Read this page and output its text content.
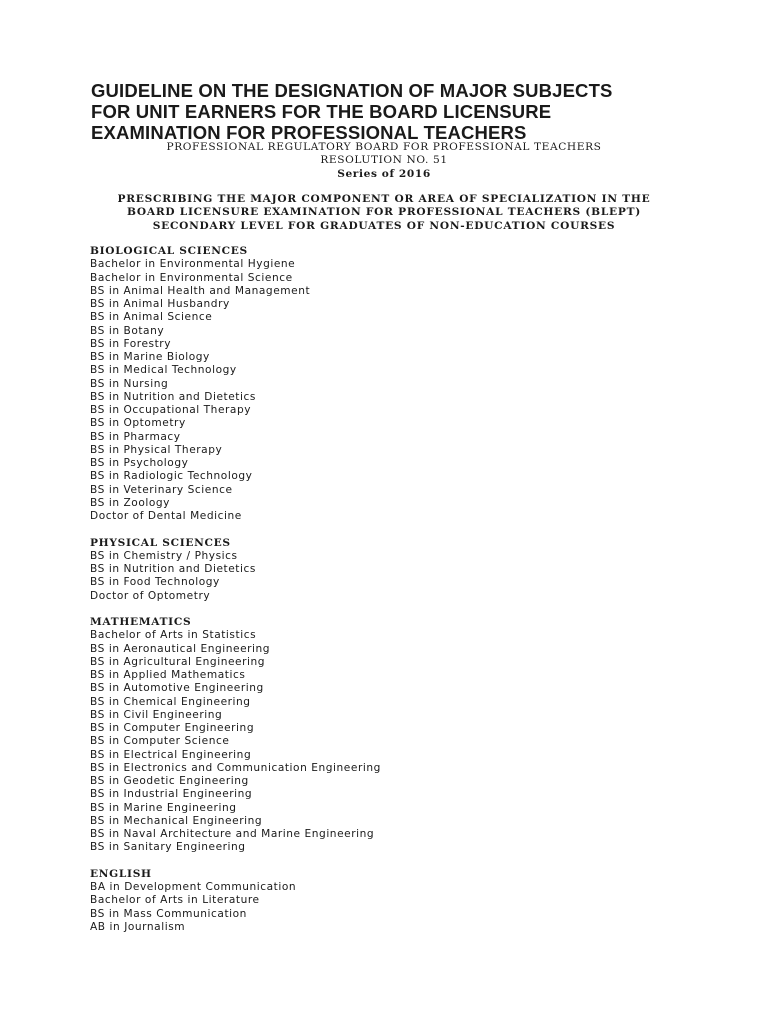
GUIDELINE ON THE DESIGNATION OF MAJOR SUBJECTS
FOR UNIT EARNERS FOR THE BOARD LICENSURE
EXAMINATION FOR PROFESSIONAL TEACHERS
PROFESSIONAL REGULATORY BOARD FOR PROFESSIONAL TEACHERS
RESOLUTION NO. 51
Series of 2016
PRESCRIBING THE MAJOR COMPONENT OR AREA OF SPECIALIZATION IN THE
BOARD LICENSURE EXAMINATION FOR PROFESSIONAL TEACHERS (BLEPT)
SECONDARY LEVEL FOR GRADUATES OF NON-EDUCATION COURSES
BIOLOGICAL SCIENCES
Bachelor in Environmental Hygiene
Bachelor in Environmental Science
BS in Animal Health and Management
BS in Animal Husbandry
BS in Animal Science
BS in Botany
BS in Forestry
BS in Marine Biology
BS in Medical Technology
BS in Nursing
BS in Nutrition and Dietetics
BS in Occupational Therapy
BS in Optometry
BS in Pharmacy
BS in Physical Therapy
BS in Psychology
BS in Radiologic Technology
BS in Veterinary Science
BS in Zoology
Doctor of Dental Medicine
PHYSICAL SCIENCES
BS in Chemistry / Physics
BS in Nutrition and Dietetics
BS in Food Technology
Doctor of Optometry
MATHEMATICS
Bachelor of Arts in Statistics
BS in Aeronautical Engineering
BS in Agricultural Engineering
BS in Applied Mathematics
BS in Automotive Engineering
BS in Chemical Engineering
BS in Civil Engineering
BS in Computer Engineering
BS in Computer Science
BS in Electrical Engineering
BS in Electronics and Communication Engineering
BS in Geodetic Engineering
BS in Industrial Engineering
BS in Marine Engineering
BS in Mechanical Engineering
BS in Naval Architecture and Marine Engineering
BS in Sanitary Engineering
ENGLISH
BA in Development Communication
Bachelor of Arts in Literature
BS in Mass Communication
AB in Journalism
